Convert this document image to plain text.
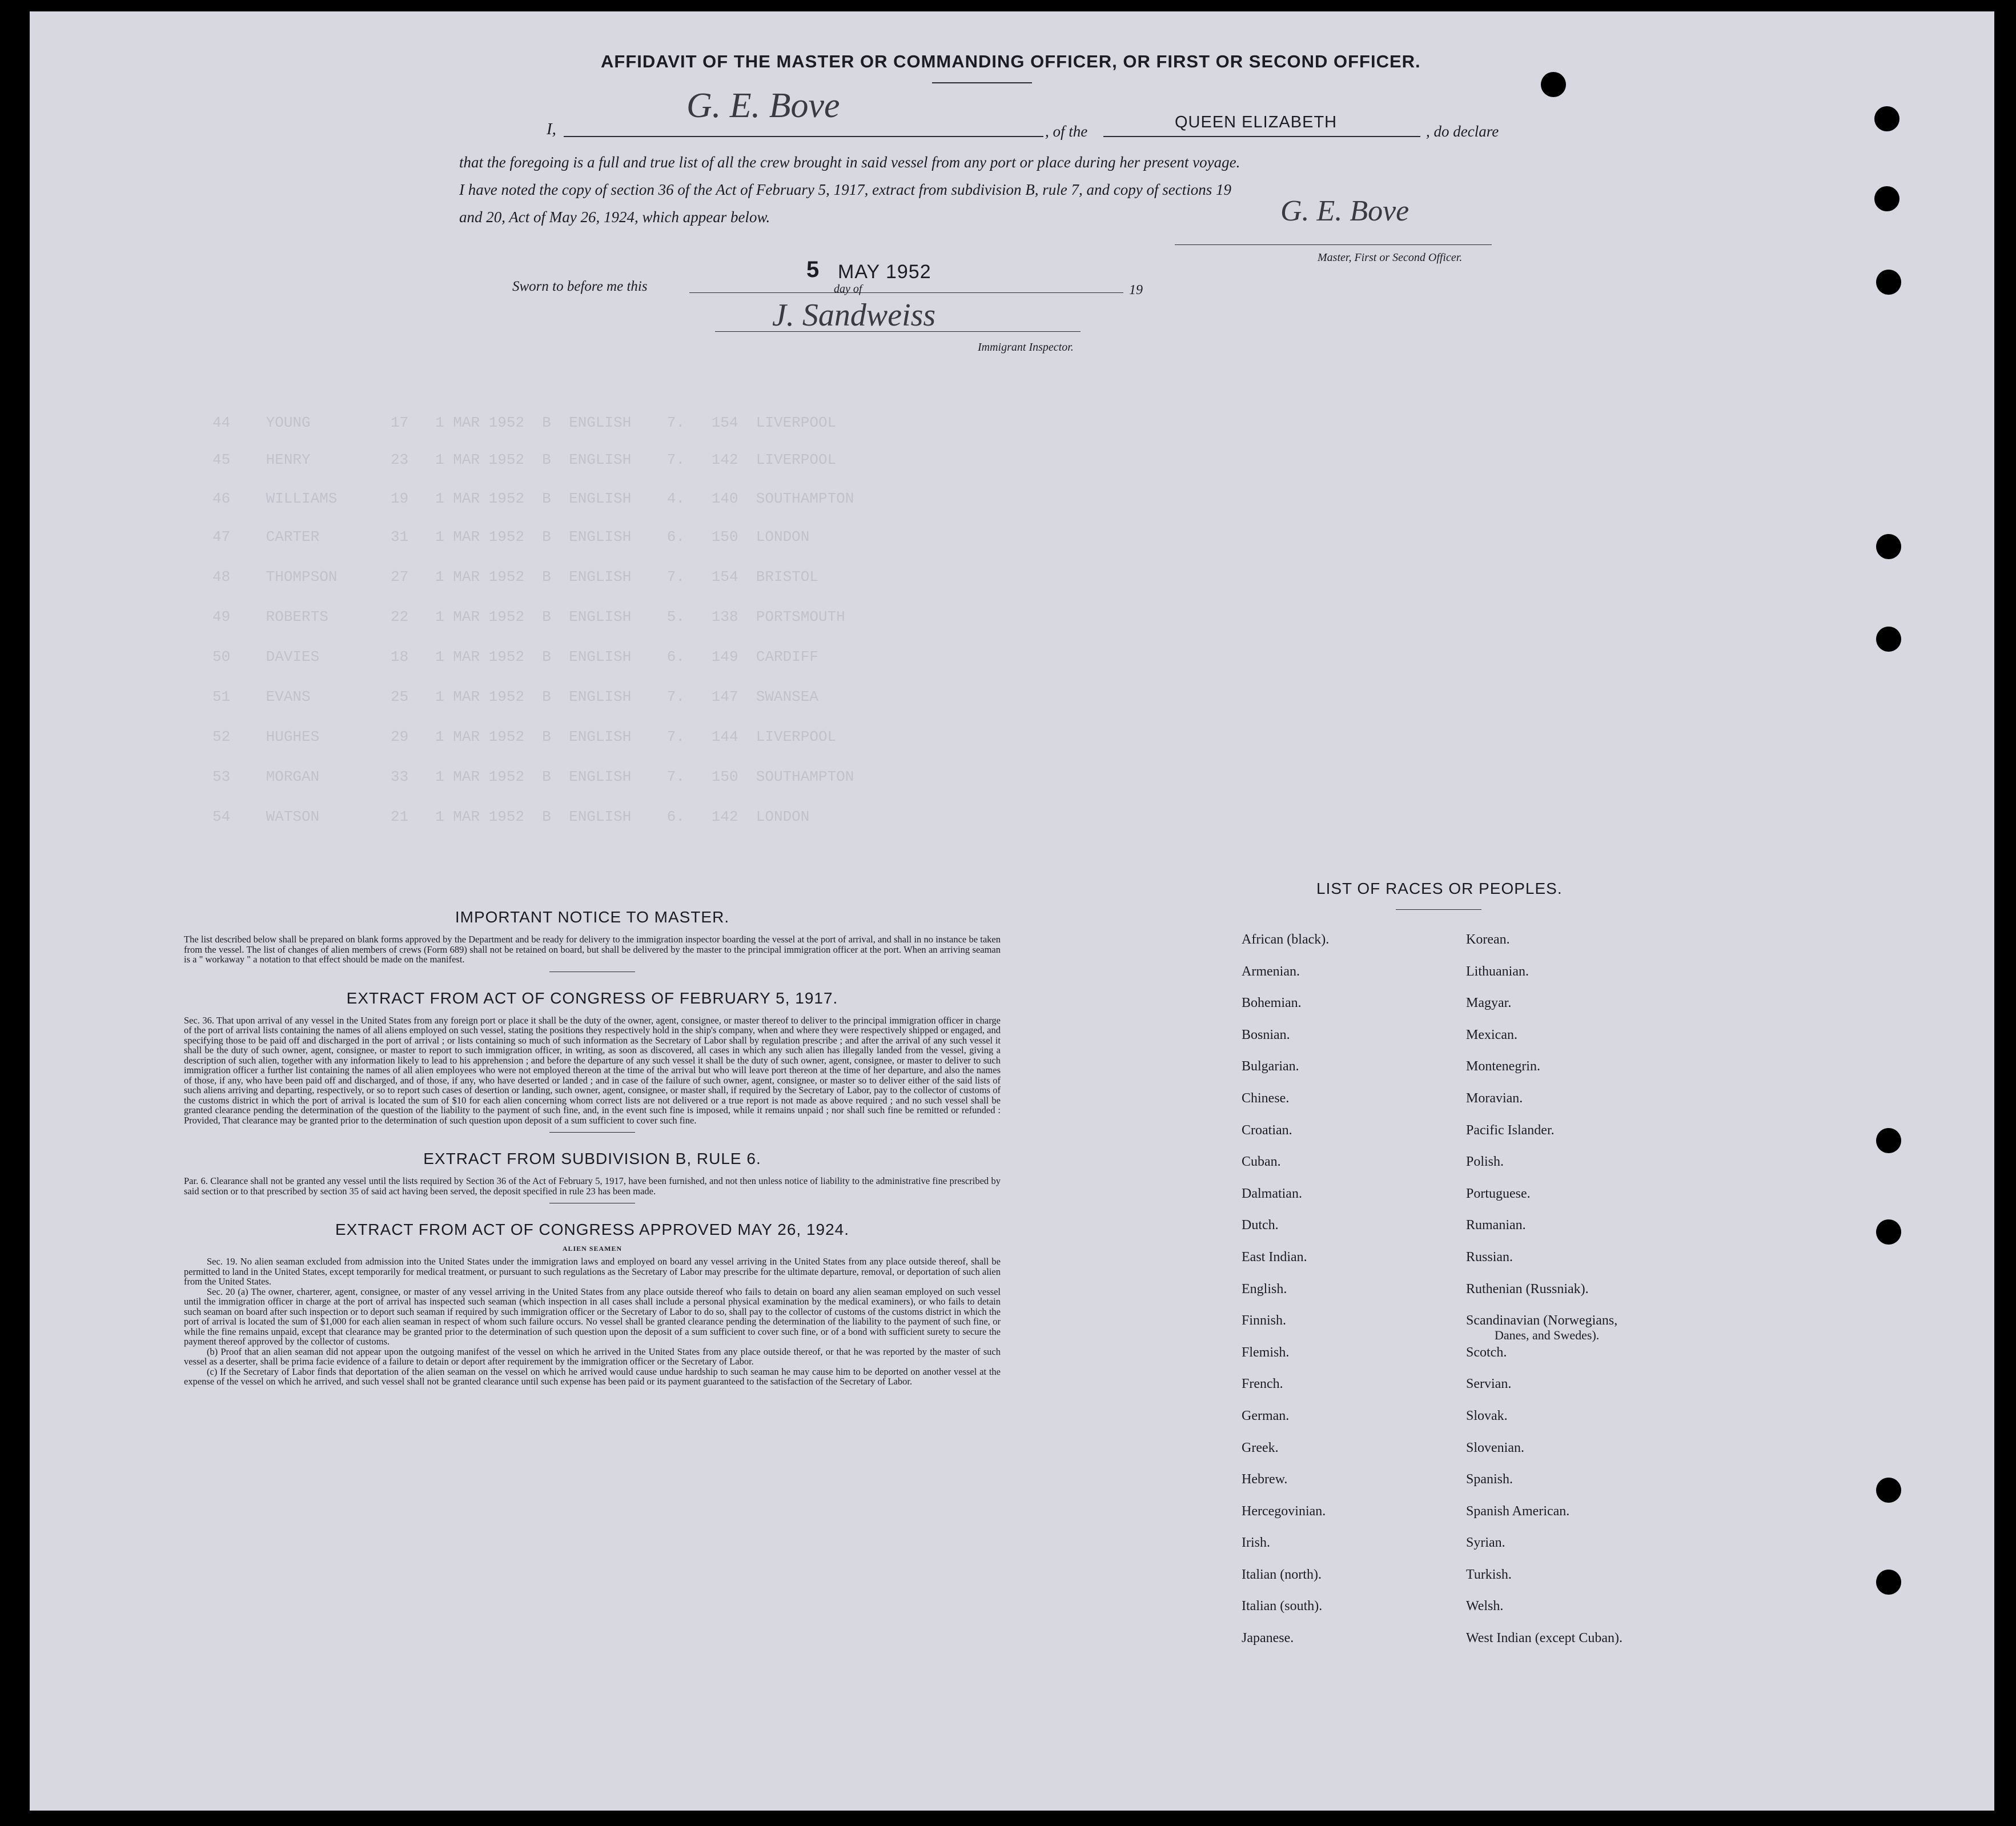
44    YOUNG         17   1 MAR 1952  B  ENGLISH    7.   154  LIVERPOOL
45    HENRY         23   1 MAR 1952  B  ENGLISH    7.   142  LIVERPOOL
46    WILLIAMS      19   1 MAR 1952  B  ENGLISH    4.   140  SOUTHAMPTON
47    CARTER        31   1 MAR 1952  B  ENGLISH    6.   150  LONDON
48    THOMPSON      27   1 MAR 1952  B  ENGLISH    7.   154  BRISTOL
49    ROBERTS       22   1 MAR 1952  B  ENGLISH    5.   138  PORTSMOUTH
50    DAVIES        18   1 MAR 1952  B  ENGLISH    6.   149  CARDIFF
51    EVANS         25   1 MAR 1952  B  ENGLISH    7.   147  SWANSEA
52    HUGHES        29   1 MAR 1952  B  ENGLISH    7.   144  LIVERPOOL
53    MORGAN        33   1 MAR 1952  B  ENGLISH    7.   150  SOUTHAMPTON
54    WATSON        21   1 MAR 1952  B  ENGLISH    6.   142  LONDON
AFFIDAVIT OF THE MASTER OR COMMANDING OFFICER, OR FIRST OR SECOND OFFICER.
I,
G. E. Bove
, of the	QUEEN ELIZABETH	, do declare
that the foregoing is a full and true list of all the crew brought in said vessel from any port or place during her present voyage.
I have noted the copy of section 36 of the Act of February 5, 1917, extract from subdivision B, rule 7, and copy of sections 19
and 20, Act of May 26, 1924, which appear below.	G. E. Bove
Master, First or Second Officer.
Sworn to before me this	day of
5 MAY 1952
19
J. Sandweiss
Immigrant Inspector.
IMPORTANT NOTICE TO MASTER.
The list described below shall be prepared on blank forms approved by the Department and be ready for delivery to the immigration inspector boarding the vessel at the port of arrival, and shall in no instance be taken from the vessel. The list of changes of alien members of crews (Form 689) shall not be retained on board, but shall be delivered by the master to the principal immigration officer at the port. When an arriving seaman is a " workaway " a notation to that effect should be made on the manifest.
EXTRACT FROM ACT OF CONGRESS OF FEBRUARY 5, 1917.
Sec. 36. That upon arrival of any vessel in the United States from any foreign port or place it shall be the duty of the owner, agent, consignee, or master thereof to deliver to the principal immigration officer in charge of the port of arrival lists containing the names of all aliens employed on such vessel, stating the positions they respectively hold in the ship's company, when and where they were respectively shipped or engaged, and specifying those to be paid off and discharged in the port of arrival ; or lists containing so much of such information as the Secretary of Labor shall by regulation prescribe ; and after the arrival of any such vessel it shall be the duty of such owner, agent, consignee, or master to report to such immigration officer, in writing, as soon as discovered, all cases in which any such alien has illegally landed from the vessel, giving a description of such alien, together with any information likely to lead to his apprehension ; and before the departure of any such vessel it shall be the duty of such owner, agent, consignee, or master to deliver to such immigration officer a further list containing the names of all alien employees who were not employed thereon at the time of the arrival but who will leave port thereon at the time of her departure, and also the names of those, if any, who have been paid off and discharged, and of those, if any, who have deserted or landed ; and in case of the failure of such owner, agent, consignee, or master so to deliver either of the said lists of such aliens arriving and departing, respectively, or so to report such cases of desertion or landing, such owner, agent, consignee, or master shall, if required by the Secretary of Labor, pay to the collector of customs of the customs district in which the port of arrival is located the sum of $10 for each alien concerning whom correct lists are not delivered or a true report is not made as above required ; and no such vessel shall be granted clearance pending the determination of the question of the liability to the payment of such fine, and, in the event such fine is imposed, while it remains unpaid ; nor shall such fine be remitted or refunded : Provided, That clearance may be granted prior to the determination of such question upon deposit of a sum sufficient to cover such fine.
EXTRACT FROM SUBDIVISION B, RULE 6.
Par. 6. Clearance shall not be granted any vessel until the lists required by Section 36 of the Act of February 5, 1917, have been furnished, and not then unless notice of liability to the administrative fine prescribed by said section or to that prescribed by section 35 of said act having been served, the deposit specified in rule 23 has been made.
EXTRACT FROM ACT OF CONGRESS APPROVED MAY 26, 1924.
ALIEN SEAMEN
Sec. 19. No alien seaman excluded from admission into the United States under the immigration laws and employed on board any vessel arriving in the United States from any place outside thereof, shall be permitted to land in the United States, except temporarily for medical treatment, or pursuant to such regulations as the Secretary of Labor may prescribe for the ultimate departure, removal, or deportation of such alien from the United States.
Sec. 20 (a) The owner, charterer, agent, consignee, or master of any vessel arriving in the United States from any place outside thereof who fails to detain on board any alien seaman employed on such vessel until the immigration officer in charge at the port of arrival has inspected such seaman (which inspection in all cases shall include a personal physical examination by the medical examiners), or who fails to detain such seaman on board after such inspection or to deport such seaman if required by such immigration officer or the Secretary of Labor to do so, shall pay to the collector of customs of the customs district in which the port of arrival is located the sum of $1,000 for each alien seaman in respect of whom such failure occurs. No vessel shall be granted clearance pending the determination of the liability to the payment of such fine, or while the fine remains unpaid, except that clearance may be granted prior to the determination of such question upon the deposit of a sum sufficient to cover such fine, or of a bond with sufficient surety to secure the payment thereof approved by the collector of customs.
(b) Proof that an alien seaman did not appear upon the outgoing manifest of the vessel on which he arrived in the United States from any place outside thereof, or that he was reported by the master of such vessel as a deserter, shall be prima facie evidence of a failure to detain or deport after requirement by the immigration officer or the Secretary of Labor.
(c) If the Secretary of Labor finds that deportation of the alien seaman on the vessel on which he arrived would cause undue hardship to such seaman he may cause him to be deported on another vessel at the expense of the vessel on which he arrived, and such vessel shall not be granted clearance until such expense has been paid or its payment guaranteed to the satisfaction of the Secretary of Labor.
LIST OF RACES OR PEOPLES.
African (black).
Armenian.
Bohemian.
Bosnian.
Bulgarian.
Chinese.
Croatian.
Cuban.
Dalmatian.
Dutch.
East Indian.
English.
Finnish.
Flemish.
French.
German.
Greek.
Hebrew.
Hercegovinian.
Irish.
Italian (north).
Italian (south).
Japanese.
Korean.
Lithuanian.
Magyar.
Mexican.
Montenegrin.
Moravian.
Pacific Islander.
Polish.
Portuguese.
Rumanian.
Russian.
Ruthenian (Russniak).
Scandinavian (Norwegians,
Scotch.
Servian.
Slovak.
Slovenian.
Spanish.
Spanish American.
Syrian.
Turkish.
Welsh.
West Indian (except Cuban).
Danes, and Swedes).
